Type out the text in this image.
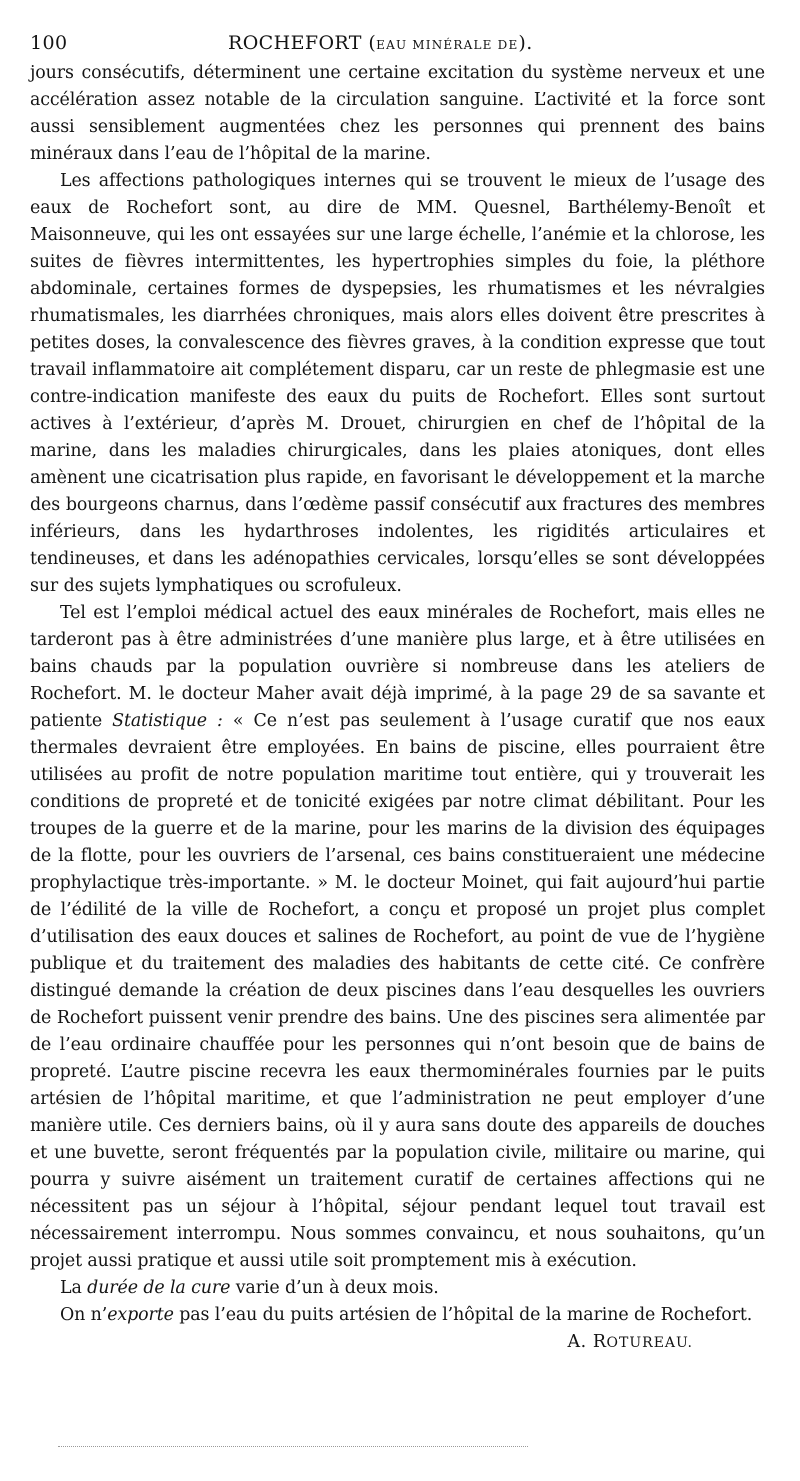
100	ROCHEFORT (EAU MINÉRALE DE).

jours consécutifs, déterminent une certaine excitation du système nerveux et une accélération assez notable de la circulation sanguine. L’activité et la force sont aussi sensiblement augmentées chez les personnes qui prennent des bains minéraux dans l’eau de l’hôpital de la marine.

Les affections pathologiques internes qui se trouvent le mieux de l’usage des eaux de Rochefort sont, au dire de MM. Quesnel, Barthélemy-Benoît et Maisonneuve, qui les ont essayées sur une large échelle, l’anémie et la chlorose, les suites de fièvres intermittentes, les hypertrophies simples du foie, la pléthore abdominale, certaines formes de dyspepsies, les rhumatismes et les névralgies rhumatismales, les diarrhées chroniques, mais alors elles doivent être prescrites à petites doses, la convalescence des fièvres graves, à la condition expresse que tout travail inflammatoire ait complétement disparu, car un reste de phlegmasie est une contre-indication manifeste des eaux du puits de Rochefort. Elles sont surtout actives à l’extérieur, d’après M. Drouet, chirurgien en chef de l’hôpital de la marine, dans les maladies chirurgicales, dans les plaies atoniques, dont elles amènent une cicatrisation plus rapide, en favorisant le développement et la marche des bourgeons charnus, dans l’œdème passif consécutif aux fractures des membres inférieurs, dans les hydarthroses indolentes, les rigidités articulaires et tendineuses, et dans les adénopathies cervicales, lorsqu’elles se sont développées sur des sujets lymphatiques ou scrofuleux.

Tel est l’emploi médical actuel des eaux minérales de Rochefort, mais elles ne tarderont pas à être administrées d’une manière plus large, et à être utilisées en bains chauds par la population ouvrière si nombreuse dans les ateliers de Rochefort. M. le docteur Maher avait déjà imprimé, à la page 29 de sa savante et patiente Statistique : « Ce n’est pas seulement à l’usage curatif que nos eaux thermales devraient être employées. En bains de piscine, elles pourraient être utilisées au profit de notre population maritime tout entière, qui y trouverait les conditions de propreté et de tonicité exigées par notre climat débilitant. Pour les troupes de la guerre et de la marine, pour les marins de la division des équipages de la flotte, pour les ouvriers de l’arsenal, ces bains constitueraient une médecine prophylactique très-importante. » M. le docteur Moinet, qui fait aujourd’hui partie de l’édilité de la ville de Rochefort, a conçu et proposé un projet plus complet d’utilisation des eaux douces et salines de Rochefort, au point de vue de l’hygiène publique et du traitement des maladies des habitants de cette cité. Ce confrère distingué demande la création de deux piscines dans l’eau desquelles les ouvriers de Rochefort puissent venir prendre des bains. Une des piscines sera alimentée par de l’eau ordinaire chauffée pour les personnes qui n’ont besoin que de bains de propreté. L’autre piscine recevra les eaux thermominérales fournies par le puits artésien de l’hôpital maritime, et que l’administration ne peut employer d’une manière utile. Ces derniers bains, où il y aura sans doute des appareils de douches et une buvette, seront fréquentés par la population civile, militaire ou marine, qui pourra y suivre aisément un traitement curatif de certaines affections qui ne nécessitent pas un séjour à l’hôpital, séjour pendant lequel tout travail est nécessairement interrompu. Nous sommes convaincu, et nous souhaitons, qu’un projet aussi pratique et aussi utile soit promptement mis à exécution.

La durée de la cure varie d’un à deux mois.

On n’exporte pas l’eau du puits artésien de l’hôpital de la marine de Rochefort.

A. ROTUREAU.
